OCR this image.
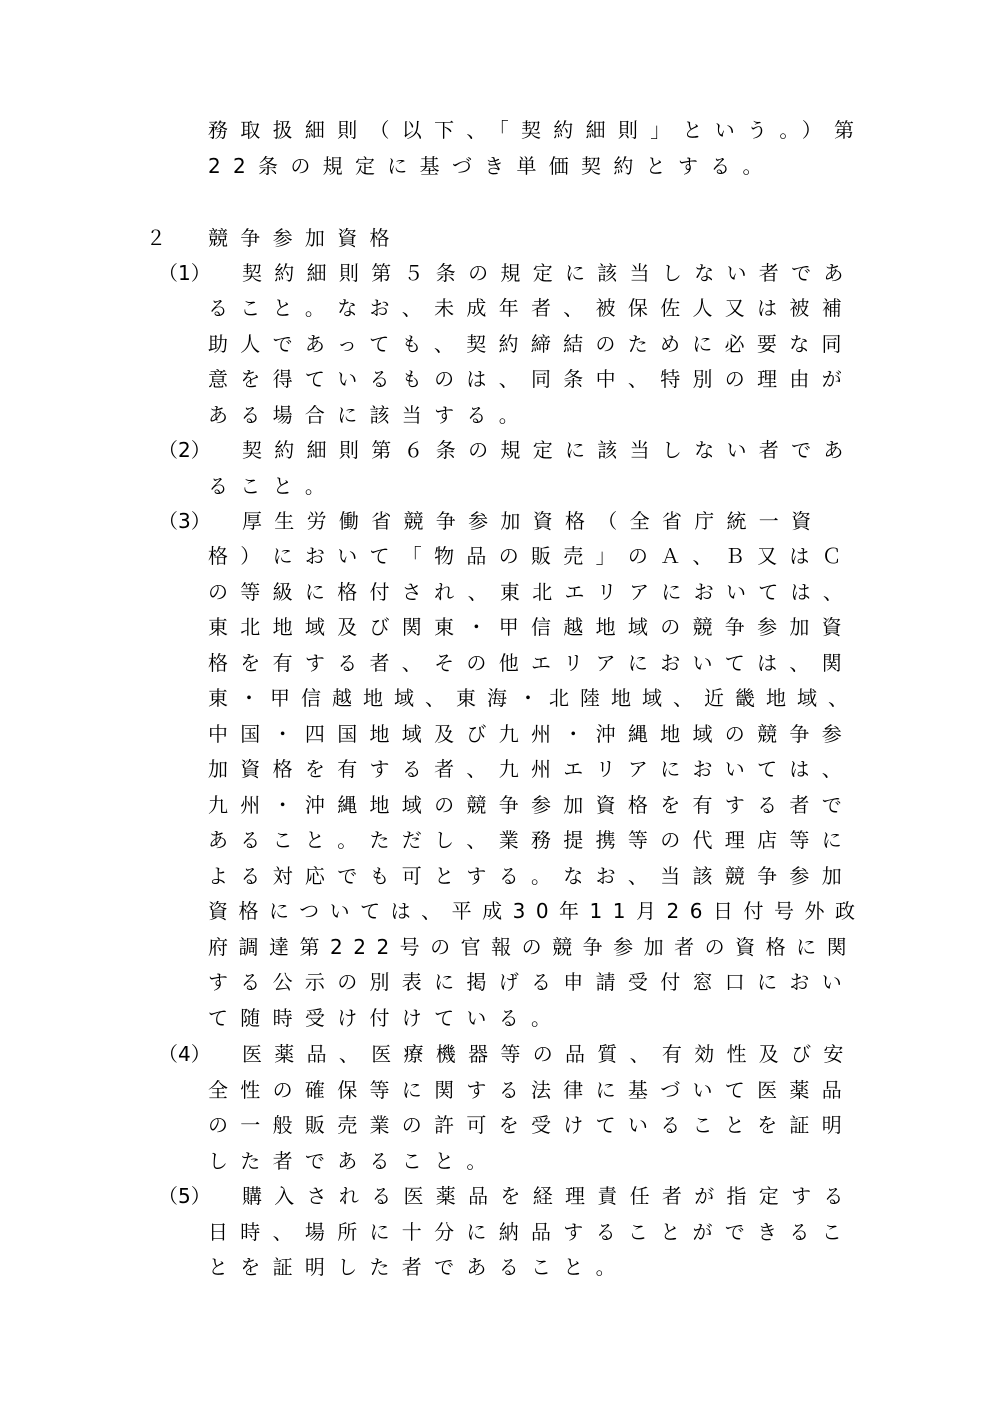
務取扱細則（以下、「契約細則」という。）第
22条の規定に基づき単価契約とする。
２ 競争参加資格
（1） 契約細則第５条の規定に該当しない者であ
ること。なお、未成年者、被保佐人又は被補
助人であっても、契約締結のために必要な同
意を得ているものは、同条中、特別の理由が
ある場合に該当する。
（2） 契約細則第６条の規定に該当しない者であ
ること。
（3） 厚生労働省競争参加資格（全省庁統一資
格）において「物品の販売」のＡ、Ｂ又はＣ
の等級に格付され、東北エリアにおいては、
東北地域及び関東・甲信越地域の競争参加資
格を有する者、その他エリアにおいては、関
東・甲信越地域、東海・北陸地域、近畿地域、
中国・四国地域及び九州・沖縄地域の競争参
加資格を有する者、九州エリアにおいては、
九州・沖縄地域の競争参加資格を有する者で
あること。ただし、業務提携等の代理店等に
よる対応でも可とする。なお、当該競争参加
資格については、平成30年11月26日付号外政
府調達第222号の官報の競争参加者の資格に関
する公示の別表に掲げる申請受付窓口におい
て随時受け付けている。
（4） 医薬品、医療機器等の品質、有効性及び安
全性の確保等に関する法律に基づいて医薬品
の一般販売業の許可を受けていることを証明
した者であること。
（5） 購入される医薬品を経理責任者が指定する
日時、場所に十分に納品することができるこ
とを証明した者であること。
